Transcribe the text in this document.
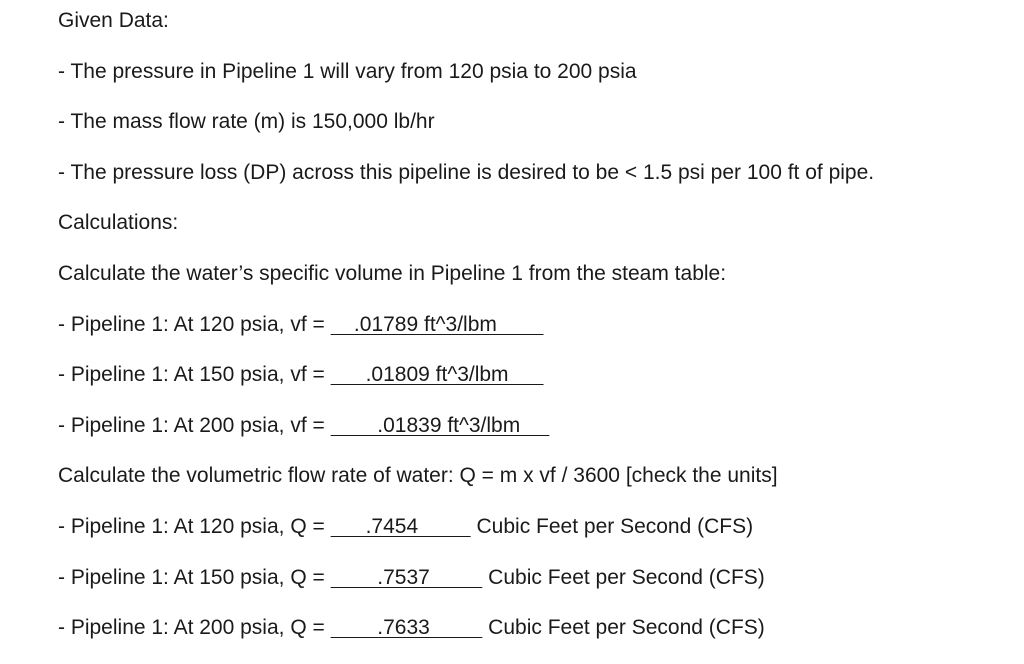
Given Data:
- The pressure in Pipeline 1 will vary from 120 psia to 200 psia
- The mass flow rate (m) is 150,000 lb/hr
- The pressure loss (DP) across this pipeline is desired to be < 1.5 psi per 100 ft of pipe.
Calculations:
Calculate the water’s specific volume in Pipeline 1 from the steam table:
- Pipeline 1: At 120 psia, vf =     .01789 ft^3/lbm
- Pipeline 1: At 150 psia, vf =       .01809 ft^3/lbm
- Pipeline 1: At 200 psia, vf =         .01839 ft^3/lbm
Calculate the volumetric flow rate of water: Q = m x vf / 3600 [check the units]
- Pipeline 1: At 120 psia, Q =       .7454          Cubic Feet per Second (CFS)
- Pipeline 1: At 150 psia, Q =         .7537          Cubic Feet per Second (CFS)
- Pipeline 1: At 200 psia, Q =         .7633          Cubic Feet per Second (CFS)
